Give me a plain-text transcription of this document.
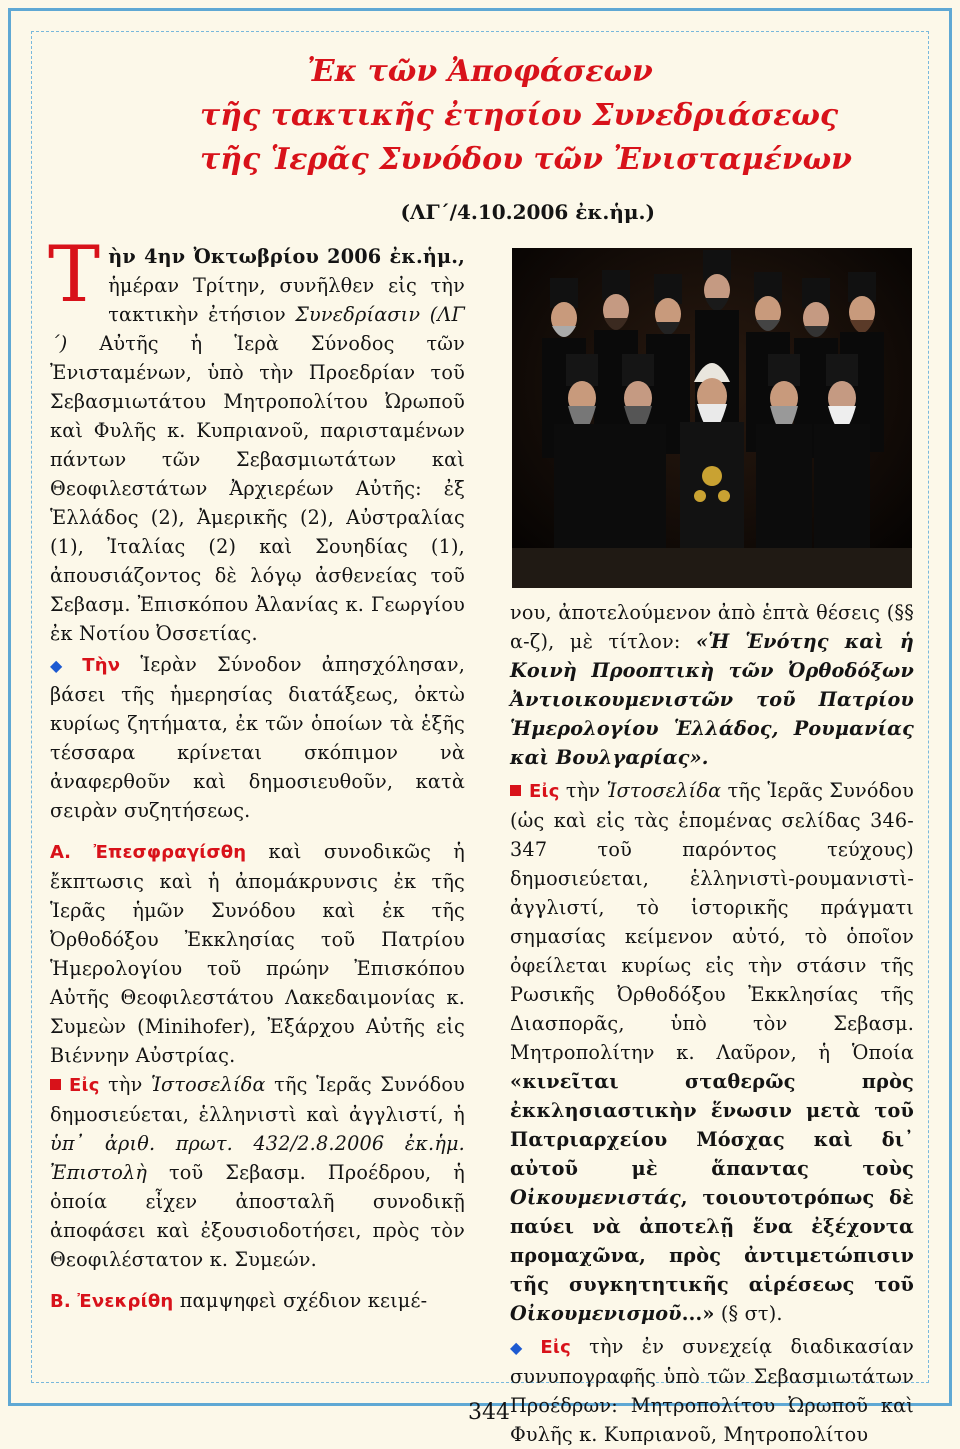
Ἐκ τῶν Ἀποφάσεων
τῆς τακτικῆς ἐτησίου Συνεδριάσεως
τῆς Ἱερᾶς Συνόδου τῶν Ἐνισταμένων
(ΛΓ´/4.10.2006 ἐκ.ἡμ.)

Τὴν 4ην Ὀκτωβρίου 2006 ἐκ.ἡμ., ἡμέραν Τρίτην, συνῆλθεν εἰς τὴν τακτικὴν ἐτήσιον Συνεδρίασιν (ΛΓ´) Αὐτῆς ἡ Ἱερὰ Σύνοδος τῶν Ἐνισταμένων, ὑπὸ τὴν Προεδρίαν τοῦ Σεβασμιωτάτου Μητροπολίτου Ὠρωποῦ καὶ Φυλῆς κ. Κυπριανοῦ, παρισταμένων πάντων τῶν Σεβασμιωτάτων καὶ Θεοφιλεστάτων Ἀρχιερέων Αὐτῆς: ἐξ Ἑλλάδος (2), Ἀμερικῆς (2), Αὐστραλίας (1), Ἰταλίας (2) καὶ Σουηδίας (1), ἀπουσιάζοντος δὲ λόγῳ ἀσθενείας τοῦ Σεβασμ. Ἐπισκόπου Ἀλανίας κ. Γεωργίου ἐκ Νοτίου Ὀσσετίας.

◆ Τὴν Ἱερὰν Σύνοδον ἀπησχόλησαν, βάσει τῆς ἡμερησίας διατάξεως, ὀκτὼ κυρίως ζητήματα, ἐκ τῶν ὁποίων τὰ ἑξῆς τέσσαρα κρίνεται σκόπιμον νὰ ἀναφερθοῦν καὶ δημοσιευθοῦν, κατὰ σειρὰν συζητήσεως.

Α. Ἐπεσφραγίσθη καὶ συνοδικῶς ἡ ἔκπτωσις καὶ ἡ ἀπομάκρυνσις ἐκ τῆς Ἱερᾶς ἡμῶν Συνόδου καὶ ἐκ τῆς Ὀρθοδόξου Ἐκκλησίας τοῦ Πατρίου Ἡμερολογίου τοῦ πρώην Ἐπισκόπου Αὐτῆς Θεοφιλεστάτου Λακεδαιμονίας κ. Συμεὼν (Minihofer), Ἐξάρχου Αὐτῆς εἰς Βιέννην Αὐστρίας.

Εἰς τὴν Ἱστοσελίδα τῆς Ἱερᾶς Συνόδου δημοσιεύεται, ἑλληνιστὶ καὶ ἀγγλιστί, ἡ ὑπ᾽ ἀριθ. πρωτ. 432/2.8.2006 ἐκ.ἡμ. Ἐπιστολὴ τοῦ Σεβασμ. Προέδρου, ἡ ὁποία εἶχεν ἀποσταλῆ συνοδικῇ ἀποφάσει καὶ ἐξουσιοδοτήσει, πρὸς τὸν Θεοφιλέστατον κ. Συμεών.

Β. Ἐνεκρίθη παμψηφεὶ σχέδιον κειμέ-

νου, ἀποτελούμενον ἀπὸ ἑπτὰ θέσεις (§§ α-ζ), μὲ τίτλον: «Ἡ Ἑνότης καὶ ἡ Κοινὴ Προοπτικὴ τῶν Ὀρθοδόξων Ἀντιοικουμενιστῶν τοῦ Πατρίου Ἡμερολογίου Ἑλλάδος, Ρουμανίας καὶ Βουλγαρίας».

Εἰς τὴν Ἱστοσελίδα τῆς Ἱερᾶς Συνόδου (ὡς καὶ εἰς τὰς ἑπομένας σελίδας 346-347 τοῦ παρόντος τεύχους) δημοσιεύεται, ἑλληνιστὶ-ρουμανιστὶ-ἀγγλιστί, τὸ ἱστορικῆς πράγματι σημασίας κείμενον αὐτό, τὸ ὁποῖον ὀφείλεται κυρίως εἰς τὴν στάσιν τῆς Ρωσικῆς Ὀρθοδόξου Ἐκκλησίας τῆς Διασπορᾶς, ὑπὸ τὸν Σεβασμ. Μητροπολίτην κ. Λαῦρον, ἡ Ὁποία «κινεῖται σταθερῶς πρὸς ἐκκλησιαστικὴν ἕνωσιν μετὰ τοῦ Πατριαρχείου Μόσχας καὶ δι᾽ αὐτοῦ μὲ ἅπαντας τοὺς Οἰκουμενιστάς, τοιουτοτρόπως δὲ παύει νὰ ἀποτελῇ ἕνα ἐξέχοντα προμαχῶνα, πρὸς ἀντιμετώπισιν τῆς συγκητητικῆς αἱρέσεως τοῦ Οἰκουμενισμοῦ...» (§ στ).

◆ Εἰς τὴν ἐν συνεχείᾳ διαδικασίαν συνυπογραφῆς ὑπὸ τῶν Σεβασμιωτάτων Προέδρων: Μητροπολίτου Ὠρωποῦ καὶ Φυλῆς κ. Κυπριανοῦ, Μητροπολίτου

344
